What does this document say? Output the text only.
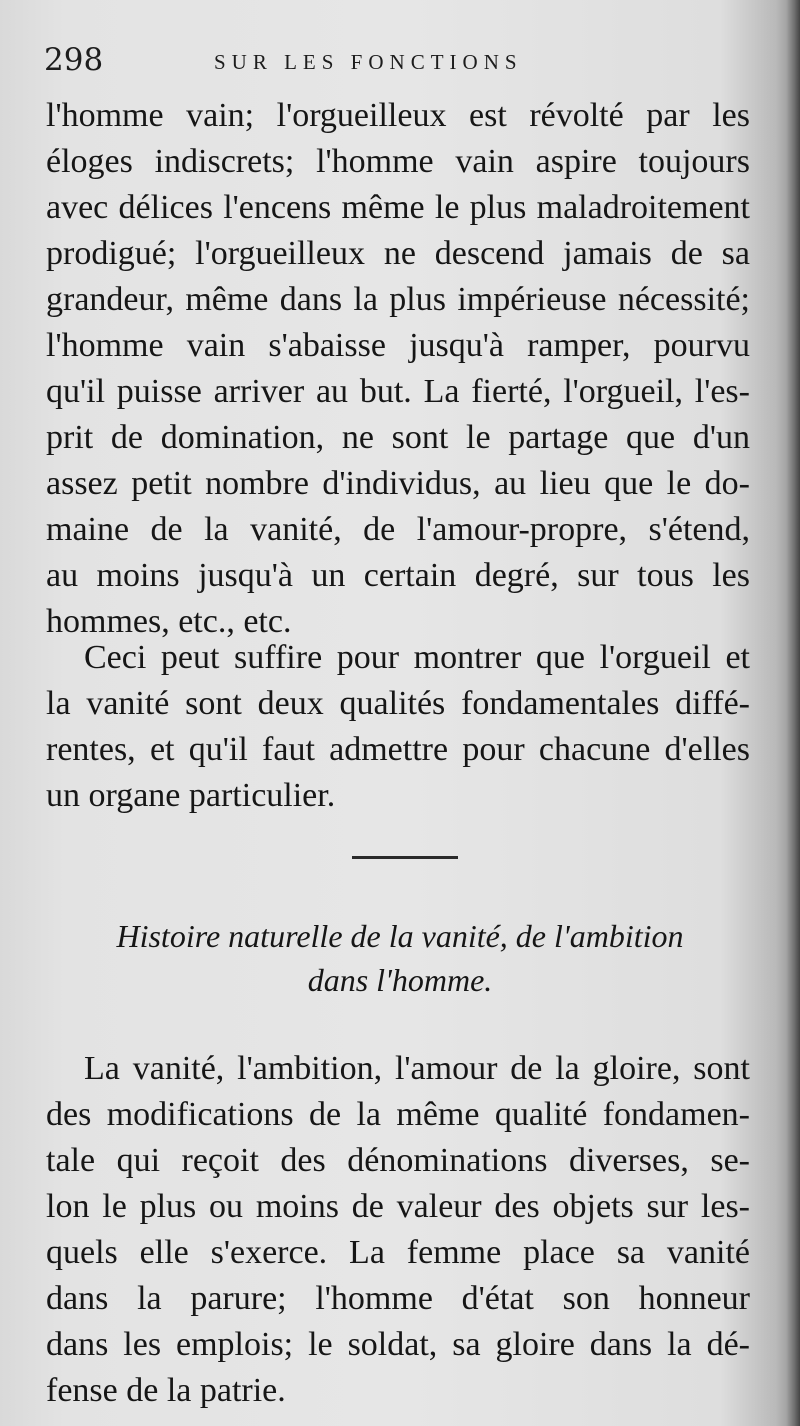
298	SUR LES FONCTIONS
l'homme vain; l'orgueilleux est révolté par les
éloges indiscrets; l'homme vain aspire toujours
avec délices l'encens même le plus maladroitement
prodigué; l'orgueilleux ne descend jamais de sa
grandeur, même dans la plus impérieuse nécessité;
l'homme vain s'abaisse jusqu'à ramper, pourvu
qu'il puisse arriver au but. La fierté, l'orgueil, l'es-
prit de domination, ne sont le partage que d'un
assez petit nombre d'individus, au lieu que le do-
maine de la vanité, de l'amour-propre, s'étend,
au moins jusqu'à un certain degré, sur tous les
hommes, etc., etc.
Ceci peut suffire pour montrer que l'orgueil et
la vanité sont deux qualités fondamentales diffé-
rentes, et qu'il faut admettre pour chacune d'elles
un organe particulier.
Histoire naturelle de la vanité, de l'ambition
dans l'homme.
La vanité, l'ambition, l'amour de la gloire, sont
des modifications de la même qualité fondamen-
tale qui reçoit des dénominations diverses, se-
lon le plus ou moins de valeur des objets sur les-
quels elle s'exerce. La femme place sa vanité
dans la parure; l'homme d'état son honneur
dans les emplois; le soldat, sa gloire dans la dé-
fense de la patrie.
